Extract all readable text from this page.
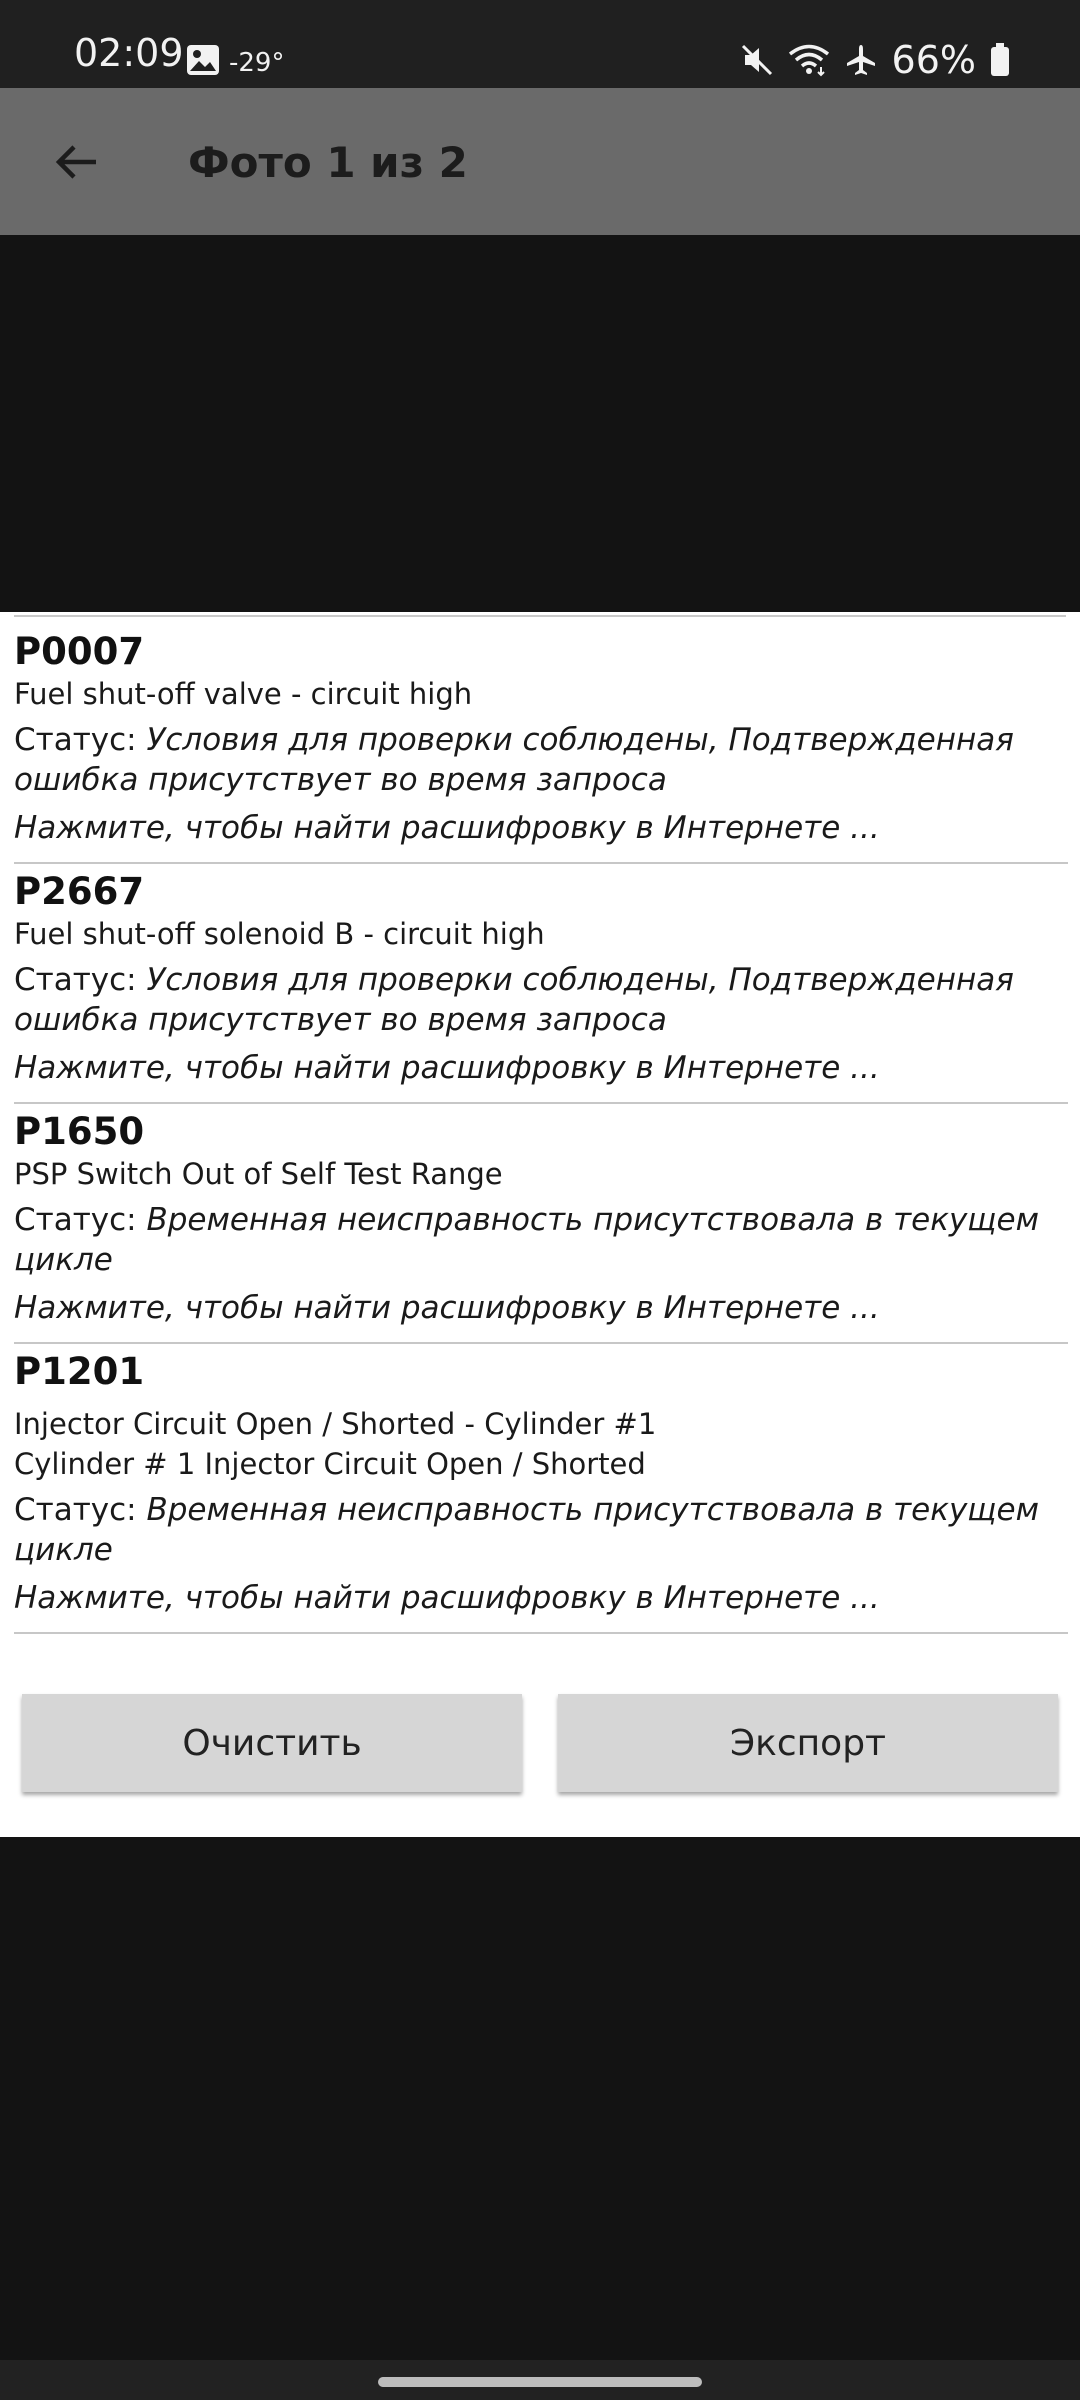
02:09 -29°	66%
Фото 1 из 2
P0007
Fuel shut-off valve - circuit high
Статус: Условия для проверки соблюдены, Подтвержденная ошибка присутствует во время запроса
Нажмите, чтобы найти расшифровку в Интернете ...
P2667
Fuel shut-off solenoid B - circuit high
Статус: Условия для проверки соблюдены, Подтвержденная ошибка присутствует во время запроса
Нажмите, чтобы найти расшифровку в Интернете ...
P1650
PSP Switch Out of Self Test Range
Статус: Временная неисправность присутствовала в текущем цикле
Нажмите, чтобы найти расшифровку в Интернете ...
P1201
Injector Circuit Open / Shorted - Cylinder #1
Cylinder # 1 Injector Circuit Open / Shorted
Статус: Временная неисправность присутствовала в текущем цикле
Нажмите, чтобы найти расшифровку в Интернете ...
Очистить	Экспорт
